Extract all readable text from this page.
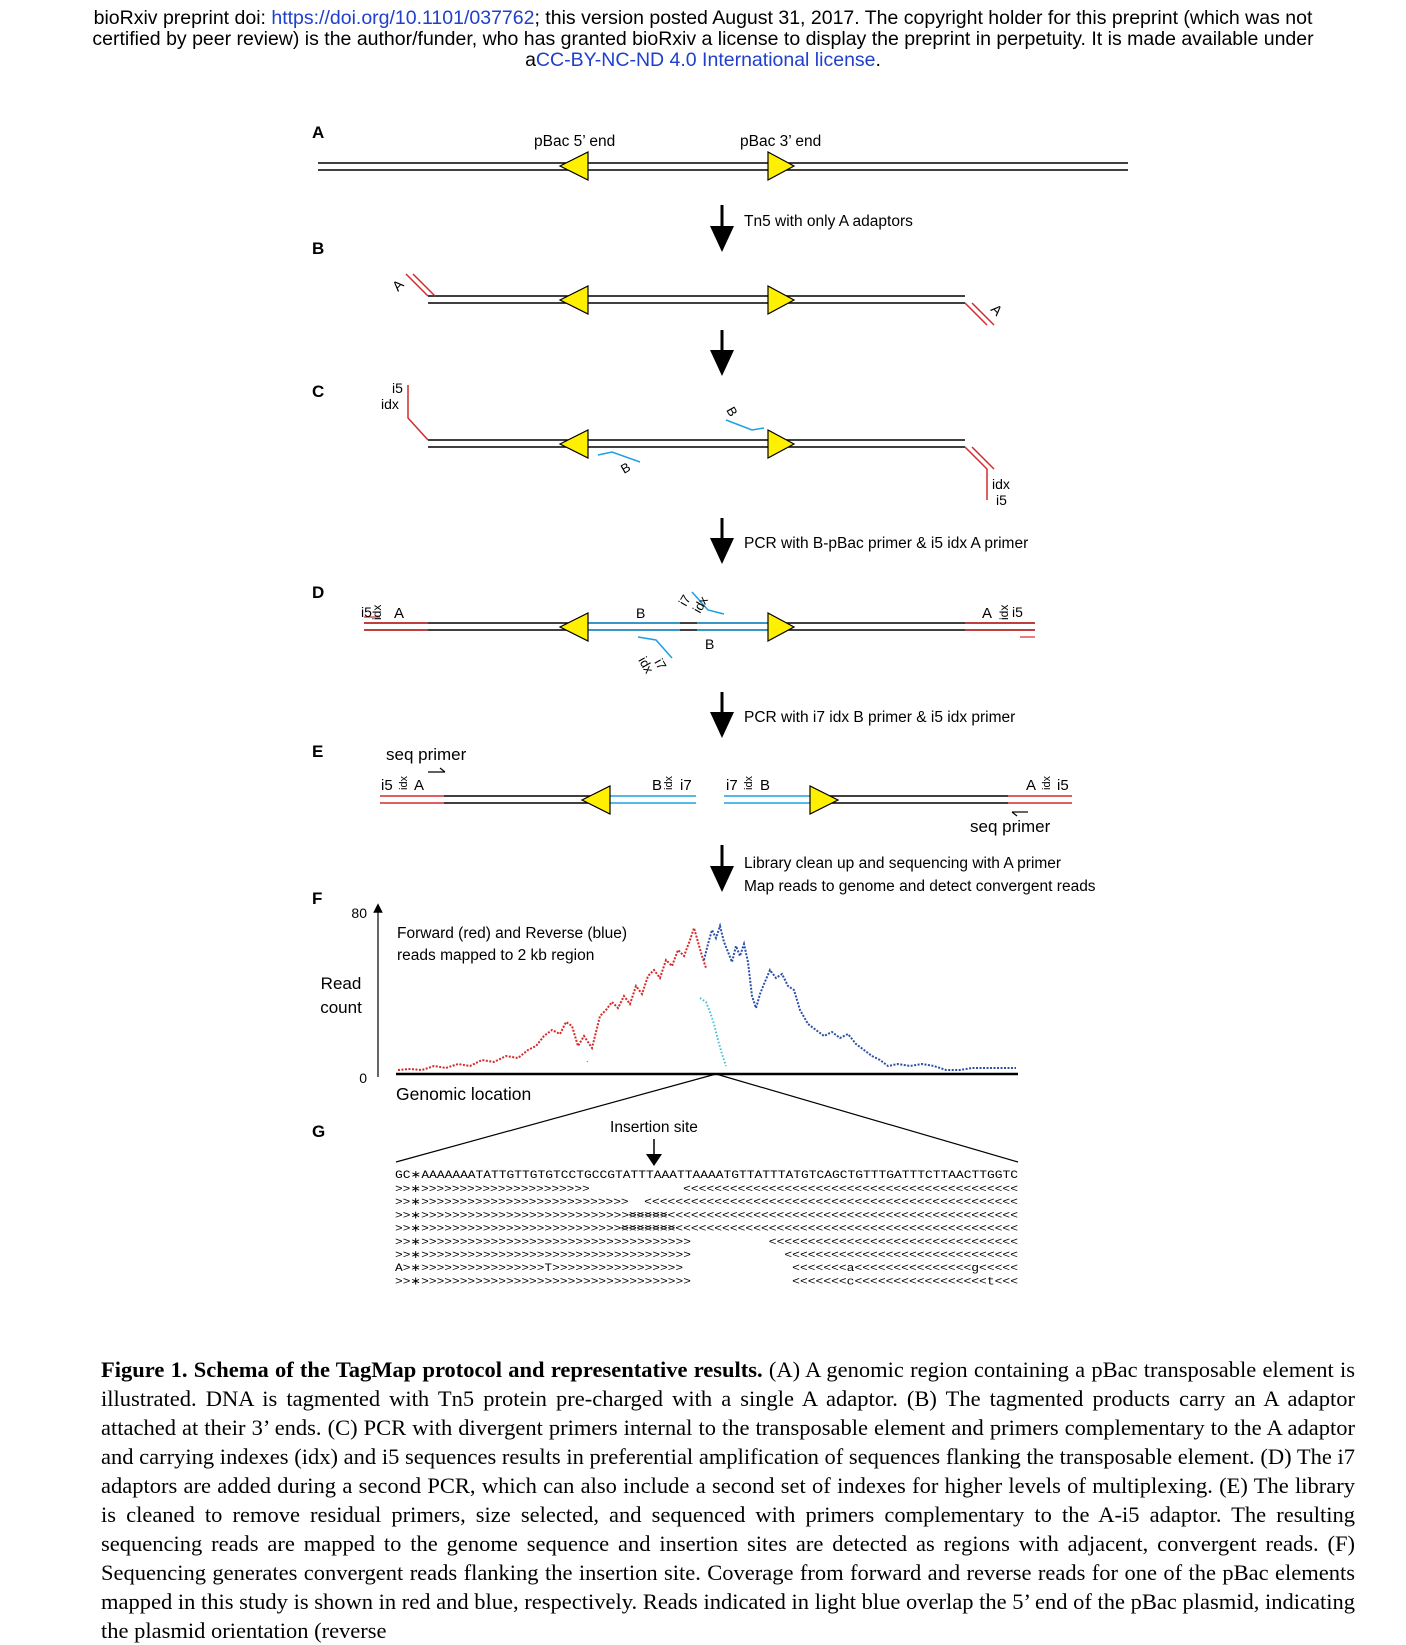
bioRxiv preprint doi: https://doi.org/10.1101/037762; this version posted August 31, 2017. The copyright holder for this preprint (which was not
certified by peer review) is the author/funder, who has granted bioRxiv a license to display the preprint in perpetuity. It is made available under
aCC-BY-NC-ND 4.0 International license.
A
B
C
D
E
F
G
Tn5 with only A adaptors
PCR with B-pBac primer & i5 idx A primer
PCR with i7 idx B primer & i5 idx primer
Library clean up and sequencing with A primer
Map reads to genome and detect convergent reads
pBac 5’ end	pBac 3’ end
A
A
i5
idx
idx
i5
B
B
i5
idx A	A idx i5
B
B
idx
i7
i7
idx
seq primer
i5 idx A	B idx i7 i7 idx B	A idx i5
seq primer
80
0
Read
count
Forward (red) and Reverse (blue)
reads mapped to 2 kb region
Genomic location
.
Insertion site
GC∗AAAAAAATATTGTTGTGTCCTGCCGTATTTAAATTAAAATGTTATTTATGTCAGCTGTTTGATTTCTTAACTTGGTC
>>∗>>>>>>>>>>>>>>>>>>>>>>	<<<<<<<<<<<<<<<<<<<<<<<<<<<<<<<<<<<<<<<<<<<
>>∗>>>>>>>>>>>>>>>>>>>>>>>>>>> <<<<<<<<<<<<<<<<<<<<<<<<<<<<<<<<<<<<<<<<<<<<<<<<
>>∗>>>>>>>>>>>>>>>>>>>>>>>>>>>>>>>>
<<<<<<<<<<<<<<<<<<<<<<<<<<<<<<<<<<<<<<<<<<<<<<<<<<
>>∗>>>>>>>>>>>>>>>>>>>>>>>>>>>>>>>>>
<<<<<<<<<<<<<<<<<<<<<<<<<<<<<<<<<<<<<<<<<<<<<<<<<<<
>>∗>>>>>>>>>>>>>>>>>>>>>>>>>>>>>>>>>>>	<<<<<<<<<<<<<<<<<<<<<<<<<<<<<<<<
>>∗>>>>>>>>>>>>>>>>>>>>>>>>>>>>>>>>>>>	<<<<<<<<<<<<<<<<<<<<<<<<<<<<<<
A>∗>>>>>>>>>>>>>>>>T>>>>>>>>>>>>>>>>>	<<<<<<<a<<<<<<<<<<<<<<<g<<<<<
>>∗>>>>>>>>>>>>>>>>>>>>>>>>>>>>>>>>>>>	<<<<<<<c<<<<<<<<<<<<<<<<<t<<<
Figure 1. Schema of the TagMap protocol and representative results. (A) A genomic region containing a pBac transposable element is illustrated. DNA is tagmented with Tn5 protein pre-charged with a single A adaptor. (B) The tagmented products carry an A adaptor attached at their 3’ ends. (C) PCR with divergent primers internal to the transposable element and primers complementary to the A adaptor and carrying indexes (idx) and i5 sequences results in preferential amplification of sequences flanking the transposable element. (D) The i7 adaptors are added during a second PCR, which can also include a second set of indexes for higher levels of multiplexing. (E) The library is cleaned to remove residual primers, size selected, and sequenced with primers complementary to the A-i5 adaptor. The resulting sequencing reads are mapped to the genome sequence and insertion sites are detected as regions with adjacent, convergent reads. (F) Sequencing generates convergent reads flanking the insertion site. Coverage from forward and reverse reads for one of the pBac elements mapped in this study is shown in red and blue, respectively. Reads indicated in light blue overlap the 5’ end of the pBac plasmid, indicating the plasmid orientation (reverse
